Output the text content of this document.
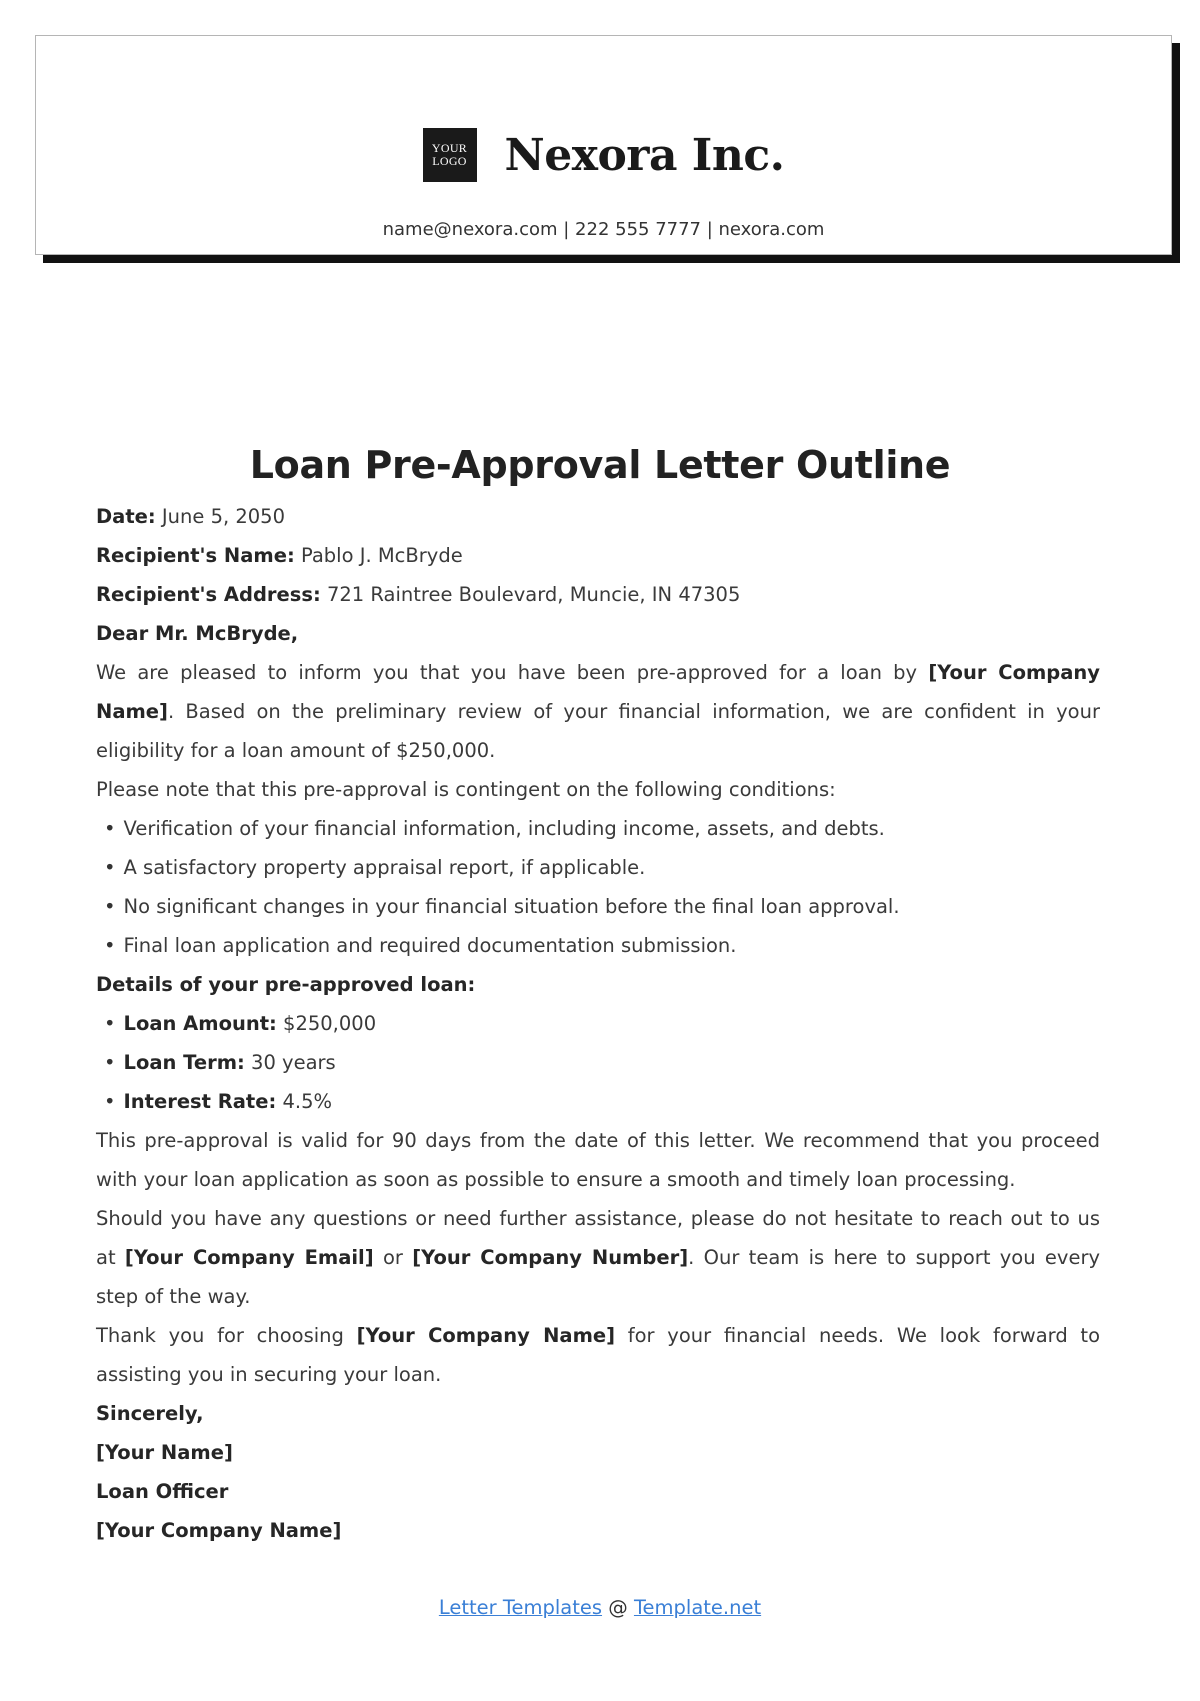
YOUR
LOGO Nexora Inc.
name@nexora.com | 222 555 7777 | nexora.com
Loan Pre-Approval Letter Outline

Date: June 5, 2050

Recipient's Name: Pablo J. McBryde

Recipient's Address: 721 Raintree Boulevard, Muncie, IN 47305

Dear Mr. McBryde,

We are pleased to inform you that you have been pre-approved for a loan by [Your Company Name]. Based on the preliminary review of your financial information, we are confident in your eligibility for a loan amount of $250,000.

Please note that this pre-approval is contingent on the following conditions:

• Verification of your financial information, including income, assets, and debts.
• A satisfactory property appraisal report, if applicable.
• No significant changes in your financial situation before the final loan approval.
• Final loan application and required documentation submission.

Details of your pre-approved loan:

• Loan Amount: $250,000
• Loan Term: 30 years
• Interest Rate: 4.5%

This pre-approval is valid for 90 days from the date of this letter. We recommend that you proceed with your loan application as soon as possible to ensure a smooth and timely loan processing.

Should you have any questions or need further assistance, please do not hesitate to reach out to us at [Your Company Email] or [Your Company Number]. Our team is here to support you every step of the way.

Thank you for choosing [Your Company Name] for your financial needs. We look forward to assisting you in securing your loan.

Sincerely,

[Your Name]

Loan Officer

[Your Company Name]

Letter Templates @ Template.net
